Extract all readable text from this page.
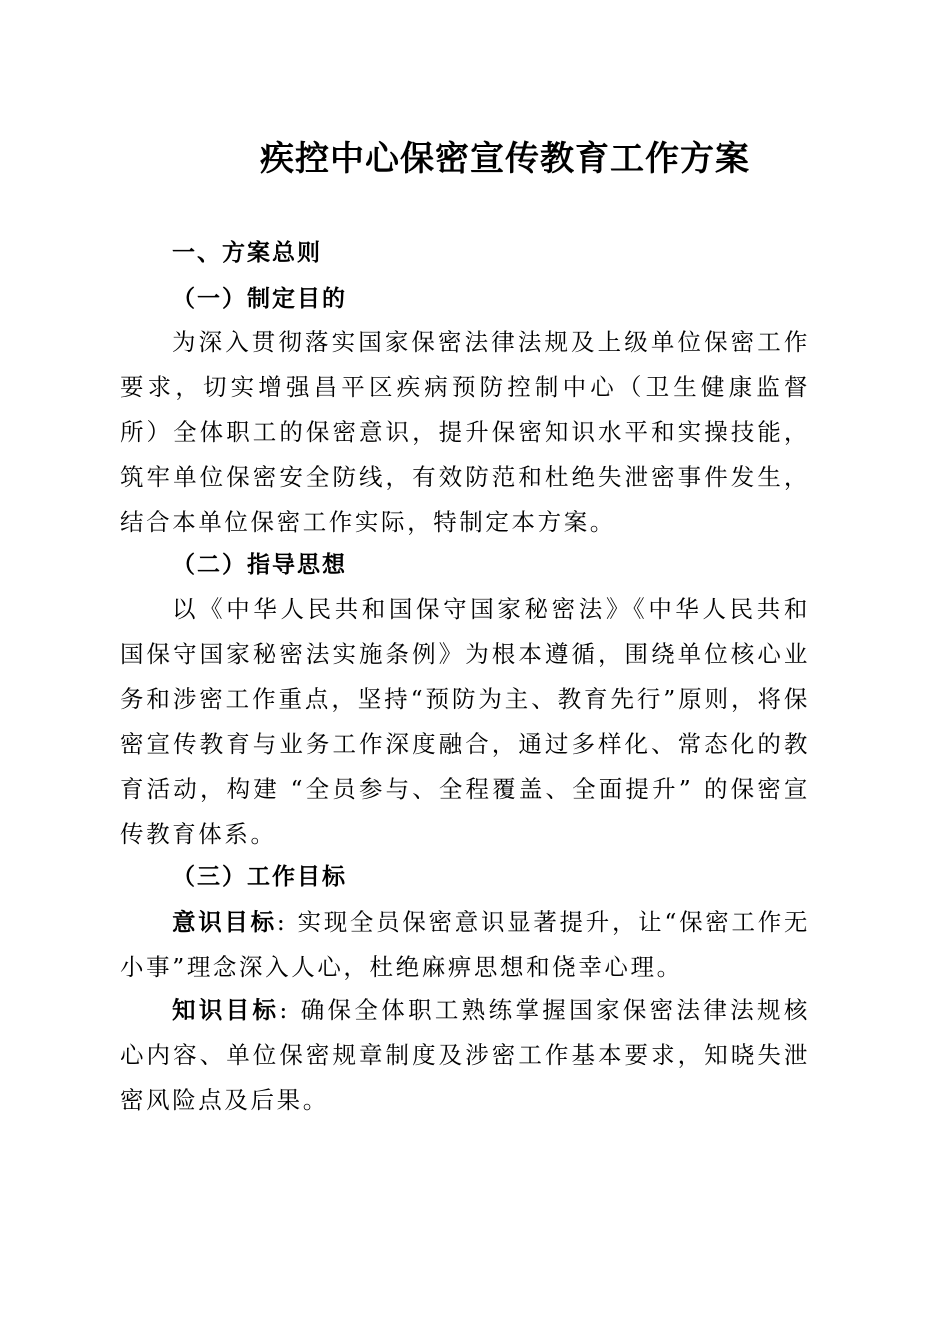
疾控中心保密宣传教育工作方案
一、方案总则
（一）制定目的

为深入贯彻落实国家保密法律法规及上级单位保密工作要求，切实增强昌平区疾病预防控制中心（卫生健康监督所）全体职工的保密意识，提升保密知识水平和实操技能，筑牢单位保密安全防线，有效防范和杜绝失泄密事件发生，结合本单位保密工作实际，特制定本方案。

（二）指导思想

以《中华人民共和国保守国家秘密法》《中华人民共和国保守国家秘密法实施条例》为根本遵循，围绕单位核心业务和涉密工作重点，坚持“预防为主、教育先行”原则，将保密宣传教育与业务工作深度融合，通过多样化、常态化的教育活动，构建 “全员参与、全程覆盖、全面提升” 的保密宣传教育体系。

（三）工作目标

意识目标: 实现全员保密意识显著提升，让“保密工作无小事”理念深入人心，杜绝麻痹思想和侥幸心理。

知识目标: 确保全体职工熟练掌握国家保密法律法规核心内容、单位保密规章制度及涉密工作基本要求，知晓失泄密风险点及后果。
